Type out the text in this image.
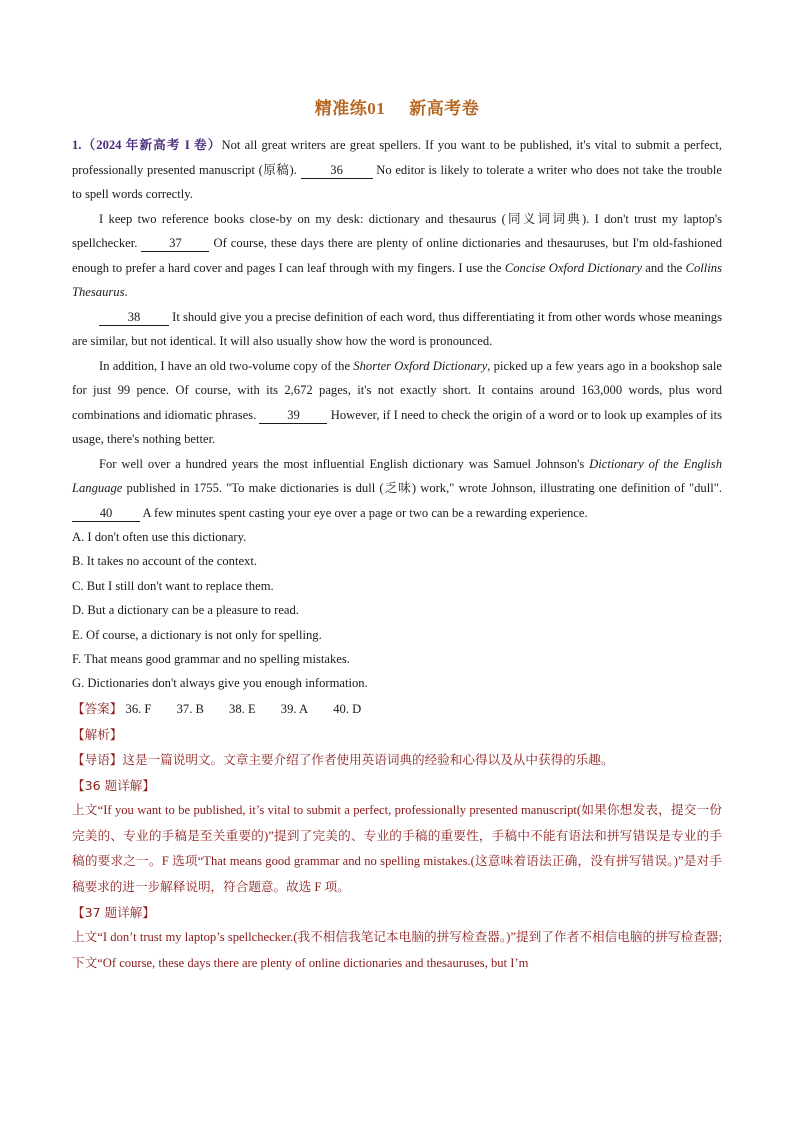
精准练01 新高考卷

1.（2024 年新高考 I 卷）Not all great writers are great spellers. If you want to be published, it's vital to submit a perfect, professionally presented manuscript (原稿).	36 No editor is likely to tolerate a writer who does not take the trouble to spell words correctly.

I keep two reference books close-by on my desk: dictionary and thesaurus (同义词词典). I don't trust my laptop's spellchecker.	37 Of course, these days there are plenty of online dictionaries and thesauruses, but I'm old-fashioned enough to prefer a hard cover and pages I can leaf through with my fingers. I use the Concise Oxford Dictionary and the Collins Thesaurus.

38 It should give you a precise definition of each word, thus differentiating it from other words whose meanings are similar, but not identical. It will also usually show how the word is pronounced.

In addition, I have an old two-volume copy of the Shorter Oxford Dictionary, picked up a few years ago in a bookshop sale for just 99 pence. Of course, with its 2,672 pages, it's not exactly short. It contains around 163,000 words, plus word combinations and idiomatic phrases. 39 However, if I need to check the origin of a word or to look up examples of its usage, there's nothing better.

For well over a hundred years the most influential English dictionary was Samuel Johnson's Dictionary of the English Language published in 1755. "To make dictionaries is dull (乏味) work," wrote Johnson, illustrating one definition of "dull". 40 A few minutes spent casting your eye over a page or two can be a rewarding experience.

A. I don't often use this dictionary.
B. It takes no account of the context.
C. But I still don't want to replace them.
D. But a dictionary can be a pleasure to read.
E. Of course, a dictionary is not only for spelling.
F. That means good grammar and no spelling mistakes.
G. Dictionaries don't always give you enough information.
【答案】 36. F 37. B 38. E 39. A 40. D
【解析】

【导语】这是一篇说明文。文章主要介绍了作者使用英语词典的经验和心得以及从中获得的乐趣。

【36 题详解】

上文“If you want to be published, it’s vital to submit a perfect, professionally presented manuscript(如果你想发表，提交一份完美的、专业的手稿是至关重要的)”提到了完美的、专业的手稿的重要性，手稿中不能有语法和拼写错误是专业的手稿的要求之一。F 选项“That means good grammar and no spelling mistakes.(这意味着语法正确，没有拼写错误。)”是对手稿要求的进一步解释说明，符合题意。故选 F 项。

【37 题详解】

上文“I don’t trust my laptop’s spellchecker.(我不相信我笔记本电脑的拼写检查器。)”提到了作者不相信电脑的拼写检查器;下文“Of course, these days there are plenty of online dictionaries and thesauruses, but I’m
